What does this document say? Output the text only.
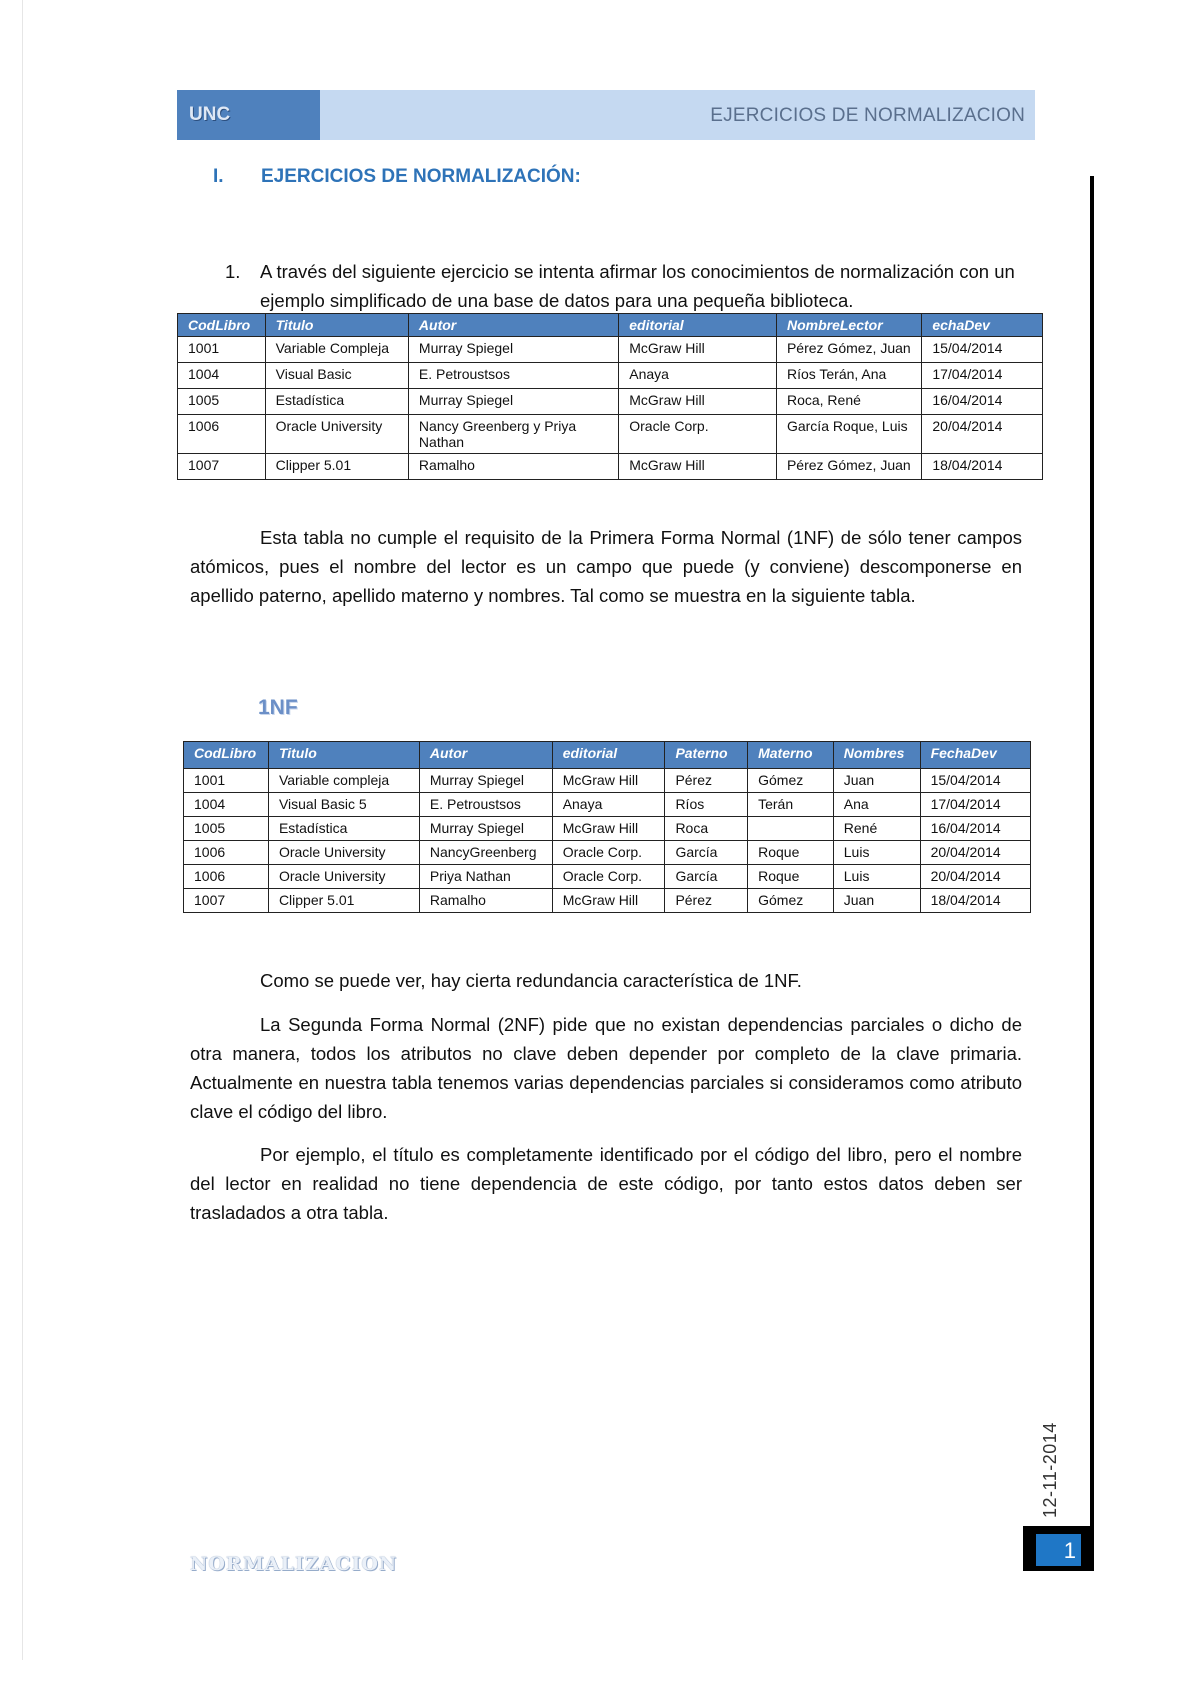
UNC	EJERCICIOS DE NORMALIZACION
I. EJERCICIOS DE NORMALIZACIÓN:
1. A través del siguiente ejercicio se intenta afirmar los conocimientos de normalización con un ejemplo simplificado de una base de datos para una pequeña biblioteca.
CodLibro	Titulo	Autor	editorial	NombreLector	echaDev
1001	Variable Compleja	Murray Spiegel	McGraw Hill	Pérez Gómez, Juan	15/04/2014
1004	Visual Basic	E. Petroustsos	Anaya	Ríos Terán, Ana	17/04/2014
1005	Estadística	Murray Spiegel	McGraw Hill	Roca, René	16/04/2014
1006	Oracle University	Nancy Greenberg y Priya Nathan	Oracle Corp.	García Roque, Luis	20/04/2014
1007	Clipper 5.01	Ramalho	McGraw Hill	Pérez Gómez, Juan	18/04/2014
Esta tabla no cumple el requisito de la Primera Forma Normal (1NF) de sólo tener campos atómicos, pues el nombre del lector es un campo que puede (y conviene) descomponerse en apellido paterno, apellido materno y nombres. Tal como se muestra en la siguiente tabla.
1NF
CodLibro	Titulo	Autor	editorial	Paterno	Materno	Nombres	FechaDev
1001	Variable compleja	Murray Spiegel	McGraw Hill	Pérez	Gómez	Juan	15/04/2014
1004	Visual Basic 5	E. Petroustsos	Anaya	Ríos	Terán	Ana	17/04/2014
1005	Estadística	Murray Spiegel	McGraw Hill	Roca		René	16/04/2014
1006	Oracle University	NancyGreenberg	Oracle Corp.	García	Roque	Luis	20/04/2014
1006	Oracle University	Priya Nathan	Oracle Corp.	García	Roque	Luis	20/04/2014
1007	Clipper 5.01	Ramalho	McGraw Hill	Pérez	Gómez	Juan	18/04/2014
Como se puede ver, hay cierta redundancia característica de 1NF.
La Segunda Forma Normal (2NF) pide que no existan dependencias parciales o dicho de otra manera, todos los atributos no clave deben depender por completo de la clave primaria. Actualmente en nuestra tabla tenemos varias dependencias parciales si consideramos como atributo clave el código del libro.
Por ejemplo, el título es completamente identificado por el código del libro, pero el nombre del lector en realidad no tiene dependencia de este código, por tanto estos datos deben ser trasladados a otra tabla.
12-11-2014
1
NORMALIZACION
